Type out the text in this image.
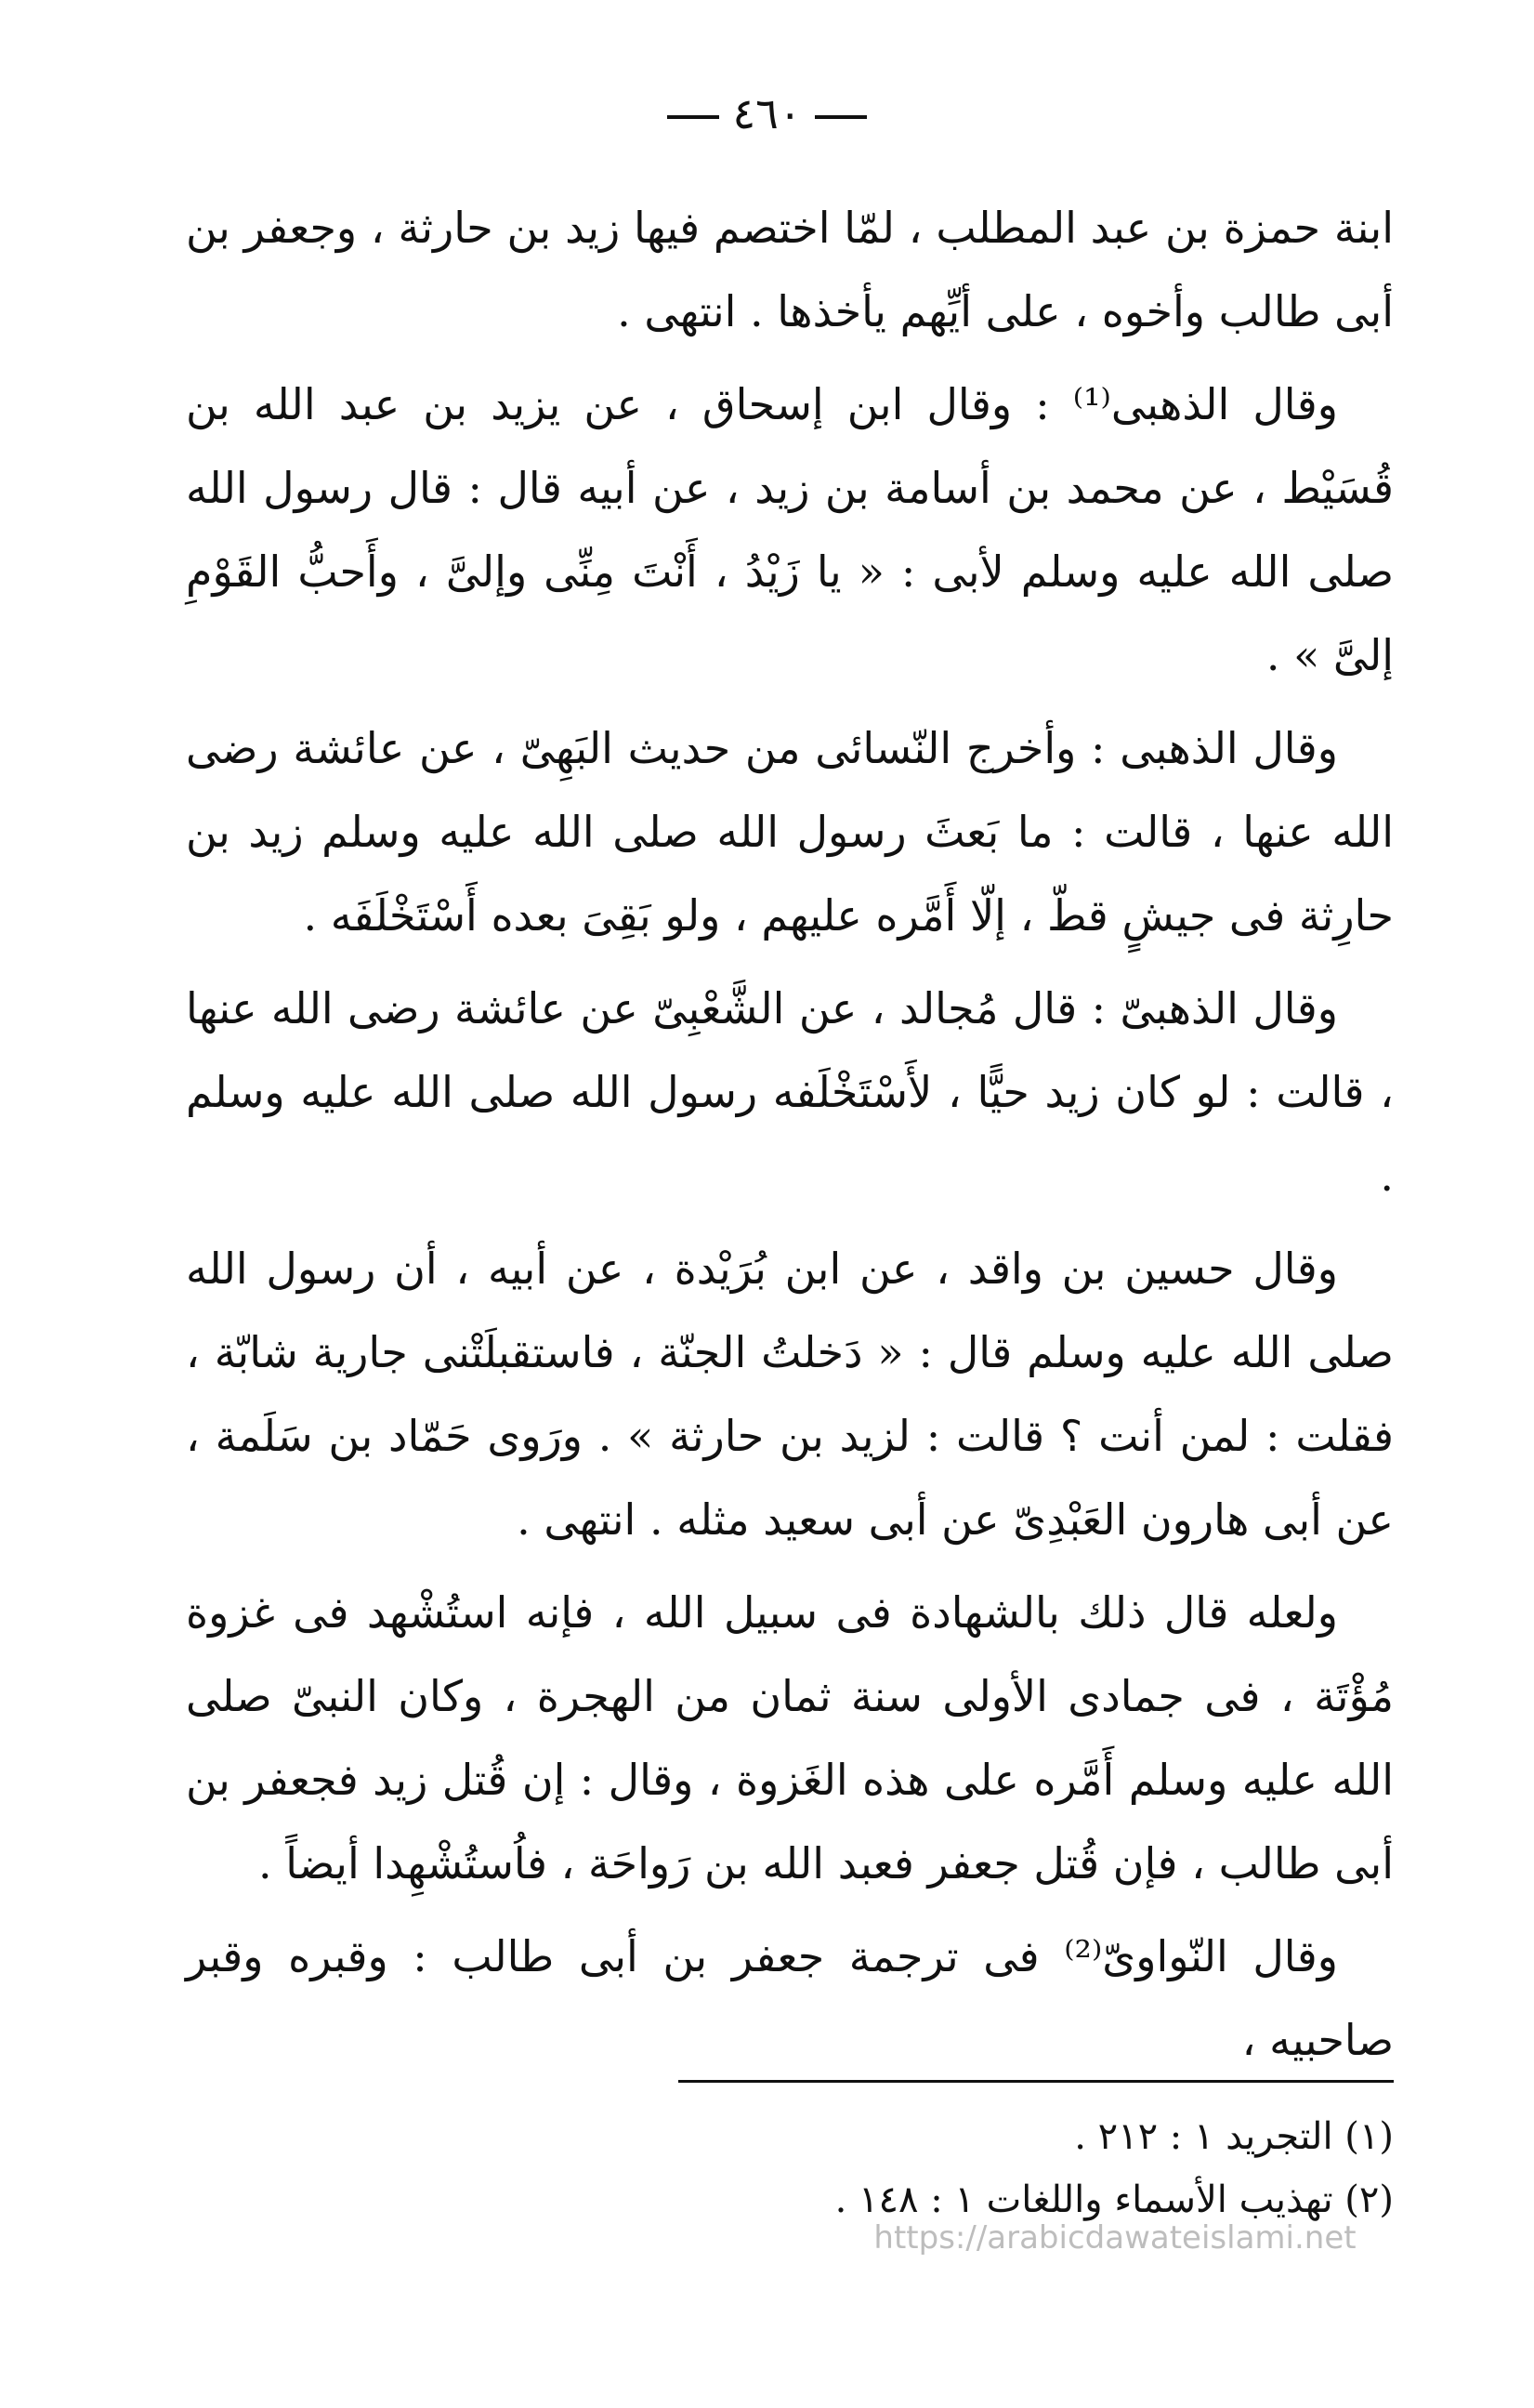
٤٦٠

ابنة حمزة بن عبد المطلب ، لمّا اختصم فيها زيد بن حارثة ، وجعفر بن أبى طالب وأخوه ، على أيِّهم يأخذها . انتهى .

وقال الذهبى⁽¹⁾ : وقال ابن إسحاق ، عن يزيد بن عبد الله بن قُسَيْط ، عن محمد بن أسامة بن زيد ، عن أبيه قال : قال رسول الله صلى الله عليه وسلم لأبى : « يا زَيْدُ ، أَنْتَ مِنِّى وإلىَّ ، وأَحبُّ القَوْمِ إلىَّ » .

وقال الذهبى : وأخرج النّسائى من حديث البَهِىّ ، عن عائشة رضى الله عنها ، قالت : ما بَعثَ رسول الله صلى الله عليه وسلم زيد بن حارِثة فى جيشٍ قطّ ، إلّا أَمَّره عليهم ، ولو بَقِىَ بعده أَسْتَخْلَفَه .

وقال الذهبىّ : قال مُجالد ، عن الشَّعْبِىّ عن عائشة رضى الله عنها ، قالت : لو كان زيد حيًّا ، لأَسْتَخْلَفه رسول الله صلى الله عليه وسلم .

وقال حسين بن واقد ، عن ابن بُرَيْدة ، عن أبيه ، أن رسول الله صلى الله عليه وسلم قال : « دَخلتُ الجنّة ، فاستقبلَتْنى جارية شابّة ، فقلت : لمن أنت ؟ قالت : لزيد بن حارثة » . ورَوى حَمّاد بن سَلَمة ، عن أبى هارون العَبْدِىّ عن أبى سعيد مثله . انتهى .

ولعله قال ذلك بالشهادة فى سبيل الله ، فإنه استُشْهد فى غزوة مُؤْتَة ، فى جمادى الأولى سنة ثمان من الهجرة ، وكان النبىّ صلى الله عليه وسلم أَمَّره على هذه الغَزوة ، وقال : إن قُتل زيد فجعفر بن أبى طالب ، فإن قُتل جعفر فعبد الله بن رَواحَة ، فاُستُشْهِدا أيضاً .

وقال النّواوىّ⁽²⁾ فى ترجمة جعفر بن أبى طالب : وقبره وقبر صاحبيه ،

(١) التجريد ١ : ٢١٢ .

(٢) تهذيب الأسماء واللغات ١ : ١٤٨ .

https://arabicdawateislami.net
